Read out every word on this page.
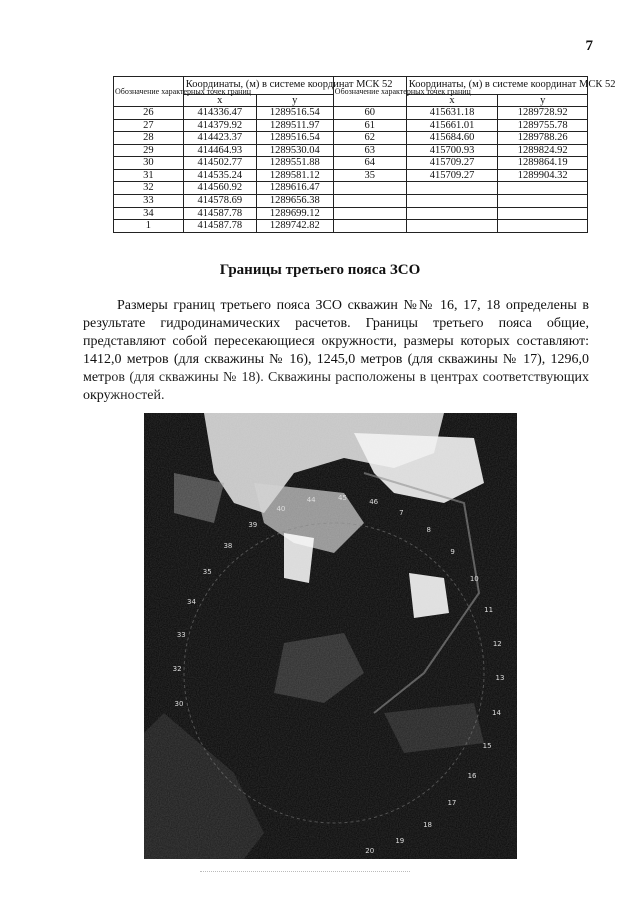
7
Обозначение характерных точек границ	Координаты, (м) в системе координат МСК 52		Обозначение характерных точек границ	Координаты, (м) в системе координат МСК 52	
	x	y		x	y
26	414336.47	1289516.54	60	415631.18	1289728.92
27	414379.92	1289511.97	61	415661.01	1289755.78
28	414423.37	1289516.54	62	415684.60	1289788.26
29	414464.93	1289530.04	63	415700.93	1289824.92
30	414502.77	1289551.88	64	415709.27	1289864.19
31	414535.24	1289581.12	35	415709.27	1289904.32
32	414560.92	1289616.47			
33	414578.69	1289656.38			
34	414587.78	1289699.12			
1	414587.78	1289742.82			
Границы третьего пояса ЗСО

Размеры границ третьего пояса ЗСО скважин №№ 16, 17, 18 определены в результате гидродинамических расчетов. Границы третьего пояса общие, представляют собой пересекающиеся окружности, размеры которых составляют: 1412,0 метров (для скважины № 16), 1245,0 метров (для скважины № 17), 1296,0 метров (для скважины № 18). Скважины расположены в центрах соответствующих окружностей.

30
32
33
34
35
38
39
40
44	45
46
7
8
9
10
11
12
13
14
15
16
17
18
19
20
